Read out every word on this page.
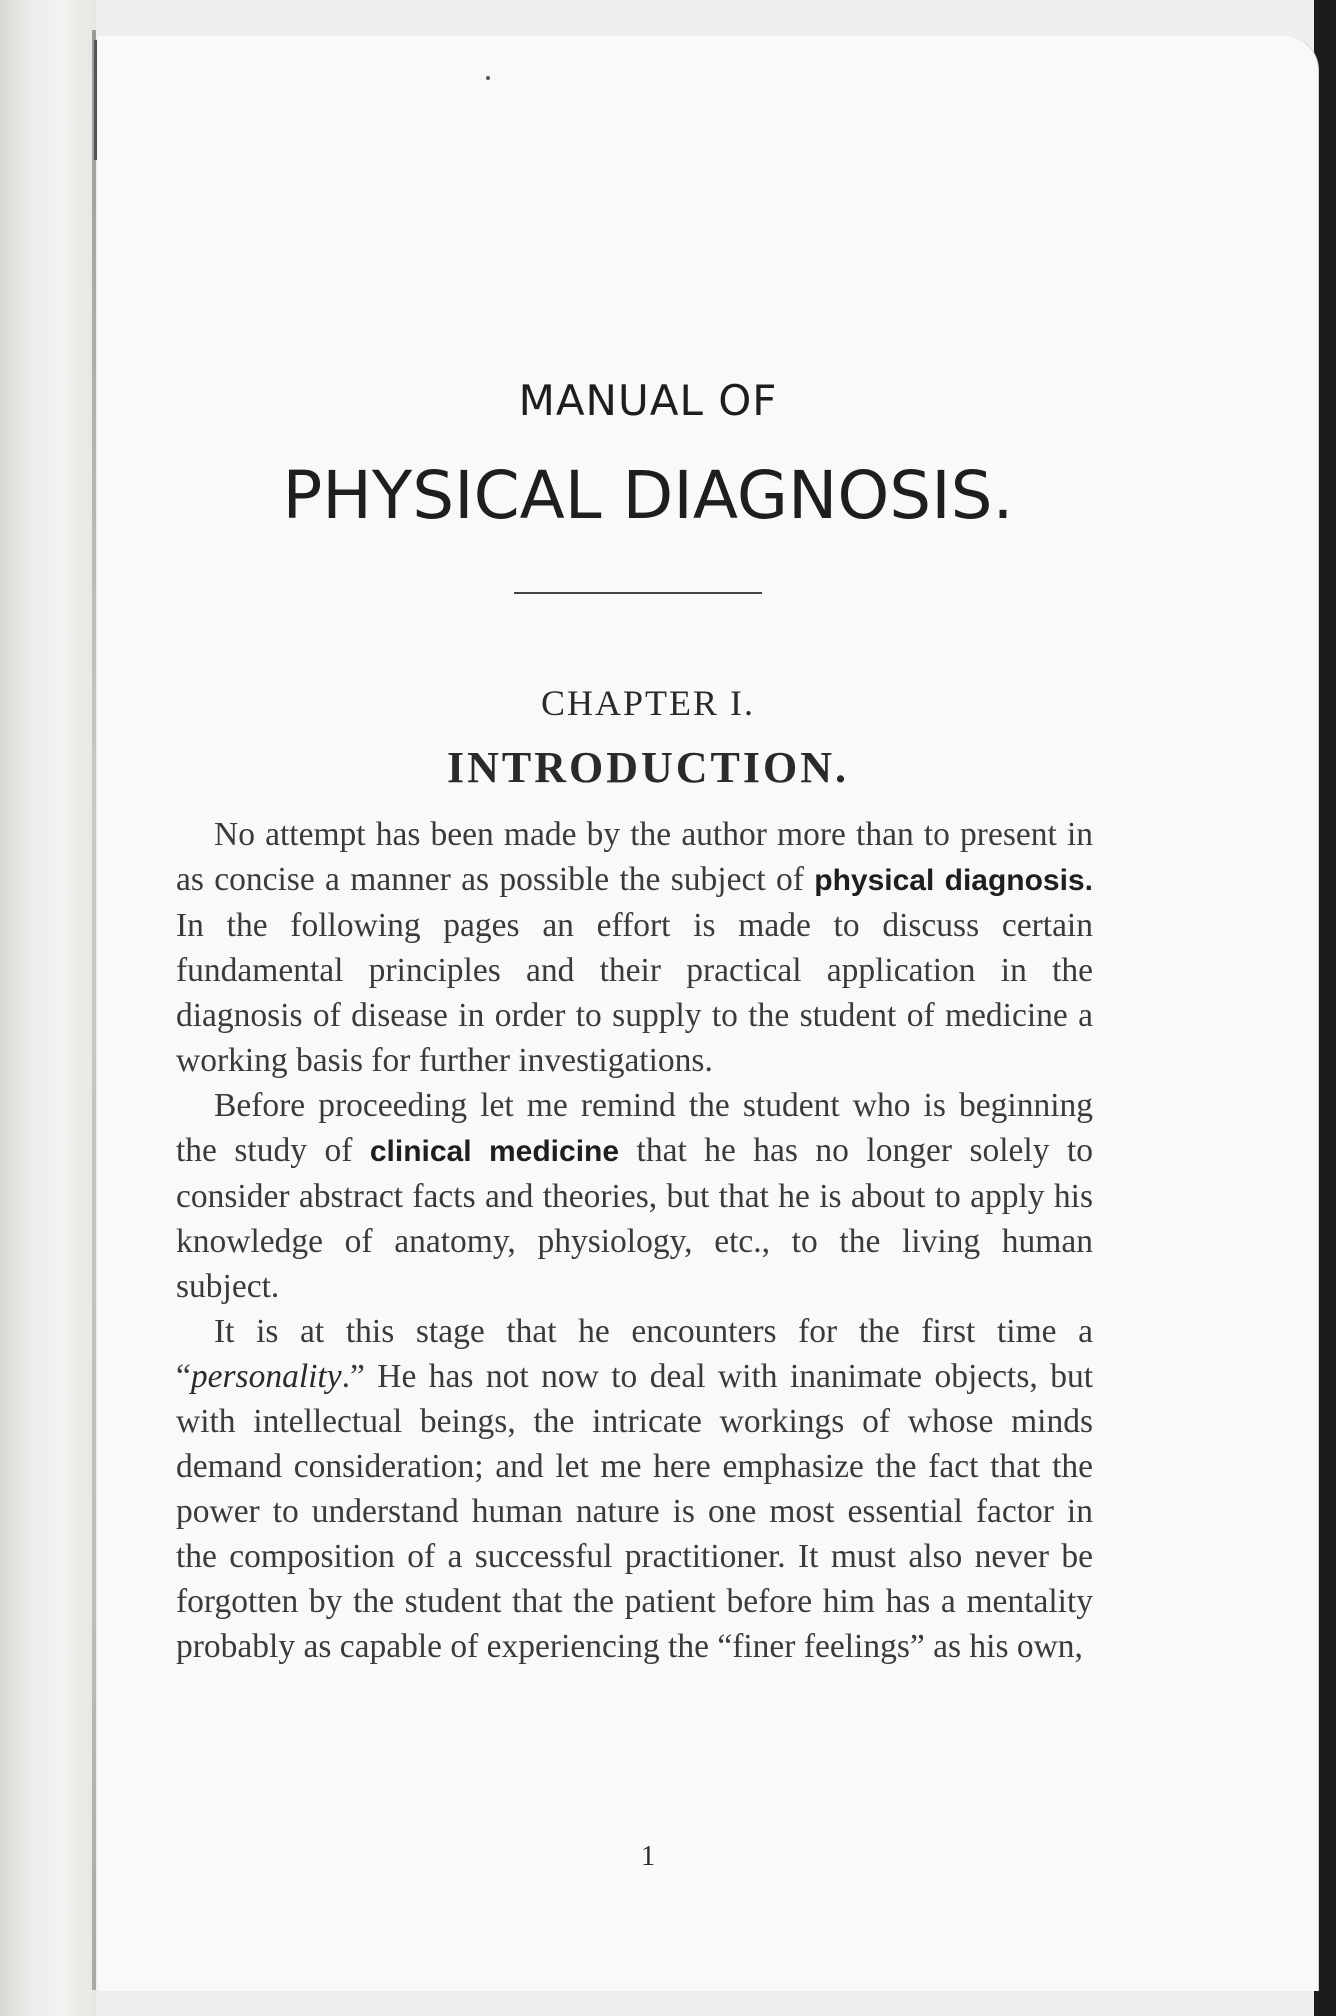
MANUAL OF
PHYSICAL DIAGNOSIS.
CHAPTER I.
INTRODUCTION.

No attempt has been made by the author more than to present in as concise a manner as possible the subject of physical diagnosis. In the following pages an effort is made to discuss certain fundamental principles and their practical application in the diagnosis of disease in order to supply to the student of medicine a working basis for further investigations.

Before proceeding let me remind the student who is beginning the study of clinical medicine that he has no longer solely to consider abstract facts and theories, but that he is about to apply his knowledge of anatomy, physiology, etc., to the living human subject.

It is at this stage that he encounters for the first time a “personality.” He has not now to deal with inanimate objects, but with intellectual beings, the intricate workings of whose minds demand consideration; and let me here emphasize the fact that the power to understand human nature is one most essential factor in the composition of a successful practitioner. It must also never be forgotten by the student that the patient before him has a mentality probably as capable of experiencing the “finer feelings” as his own,

1
